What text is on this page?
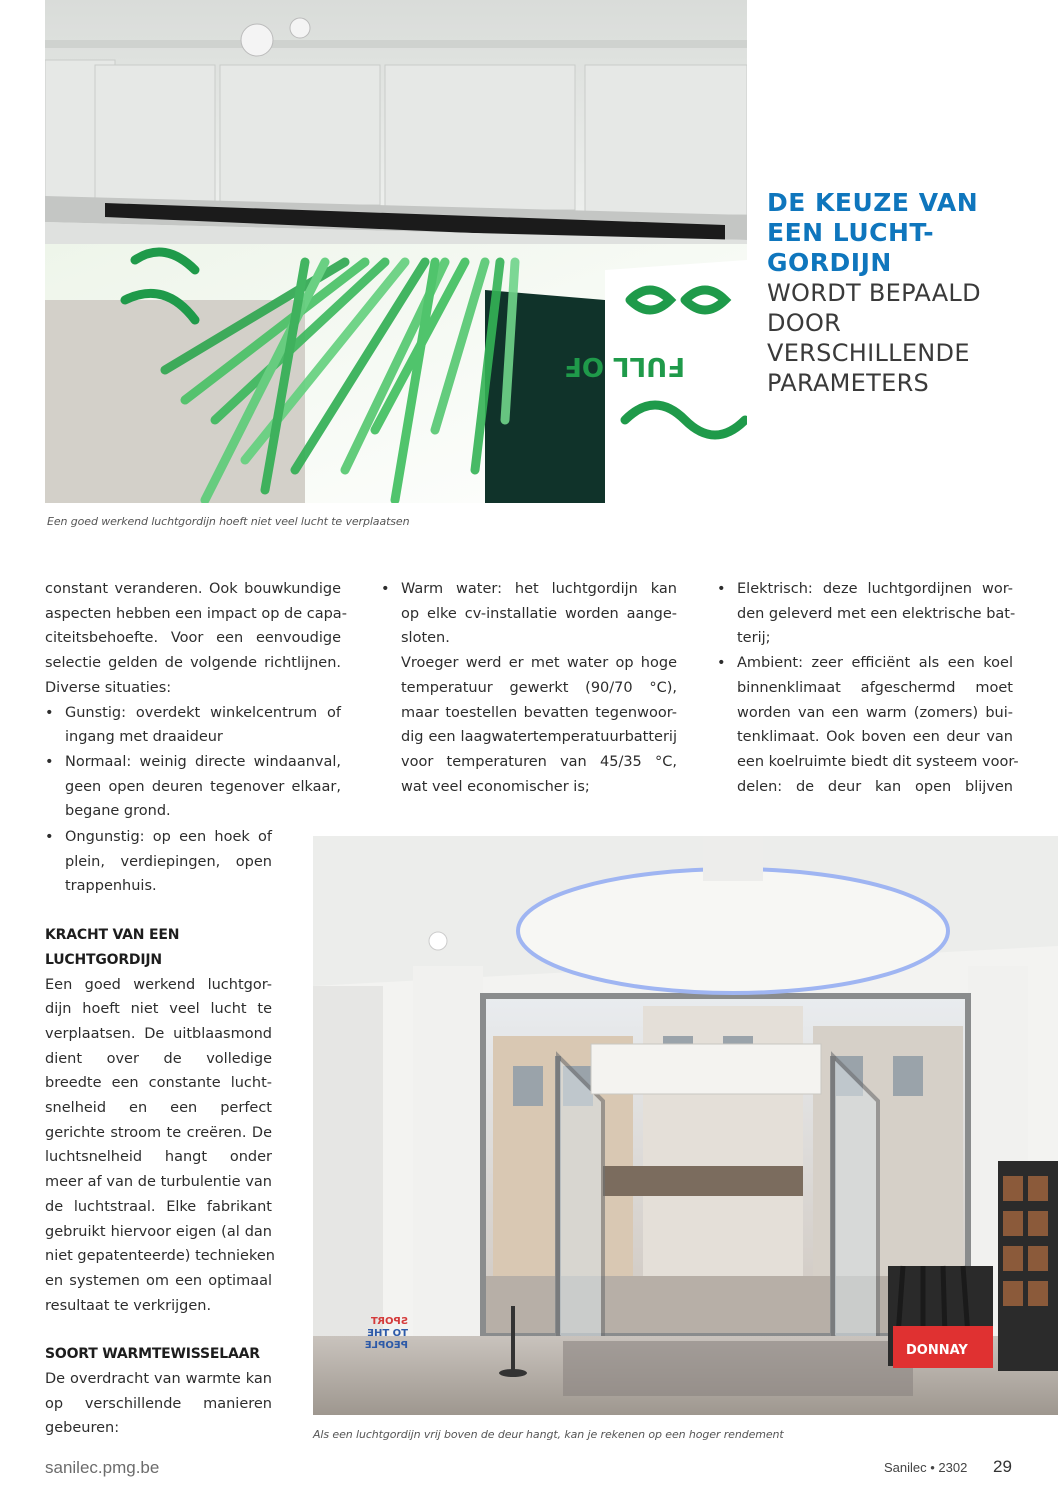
FULL OF
Een goed werkend luchtgordijn hoeft niet veel lucht te verplaatsen
DE KEUZE VAN
EEN LUCHT-
GORDIJN
WORDT BEPAALD
DOOR
VERSCHILLENDE
PARAMETERS
constant veranderen. Ook bouwkundige
aspecten hebben een impact op de capa-
citeitsbehoefte. Voor een eenvoudige
selectie gelden de volgende richtlijnen.
Diverse situaties:
• Gunstig: overdekt winkelcentrum of
ingang met draaideur
• Normaal: weinig directe windaanval,
geen open deuren tegenover elkaar,
begane grond.
• Ongunstig: op een hoek of
plein, verdiepingen, open
trappenhuis.
KRACHT VAN EEN
LUCHTGORDIJN
Een goed werkend luchtgor-
dijn hoeft niet veel lucht te
verplaatsen. De uitblaasmond
dient over de volledige
breedte een constante lucht-
snelheid en een perfect
gerichte stroom te creëren. De
luchtsnelheid hangt onder
meer af van de turbulentie van
de luchtstraal. Elke fabrikant
gebruikt hiervoor eigen (al dan
niet gepatenteerde) technieken
en systemen om een optimaal
resultaat te verkrijgen.
SOORT WARMTEWISSELAAR
De overdracht van warmte kan
op verschillende manieren
gebeuren:
• Warm water: het luchtgordijn kan
op elke cv-installatie worden aange-
sloten.
Vroeger werd er met water op hoge
temperatuur gewerkt (90/70 °C),
maar toestellen bevatten tegenwoor-
dig een laagwatertemperatuurbatterij
voor temperaturen van 45/35 °C,
wat veel economischer is;
• Elektrisch: deze luchtgordijnen wor-
den geleverd met een elektrische bat-
terij;
• Ambient: zeer efficiënt als een koel
binnenklimaat afgeschermd moet
worden van een warm (zomers) bui-
tenklimaat. Ook boven een deur van
een koelruimte biedt dit systeem voor-
delen: de deur kan open blijven
SPORT
TO THE
PEOPLE	DONNAY
Als een luchtgordijn vrij boven de deur hangt, kan je rekenen op een hoger rendement
sanilec.pmg.be	Sanilec • 2302 29
